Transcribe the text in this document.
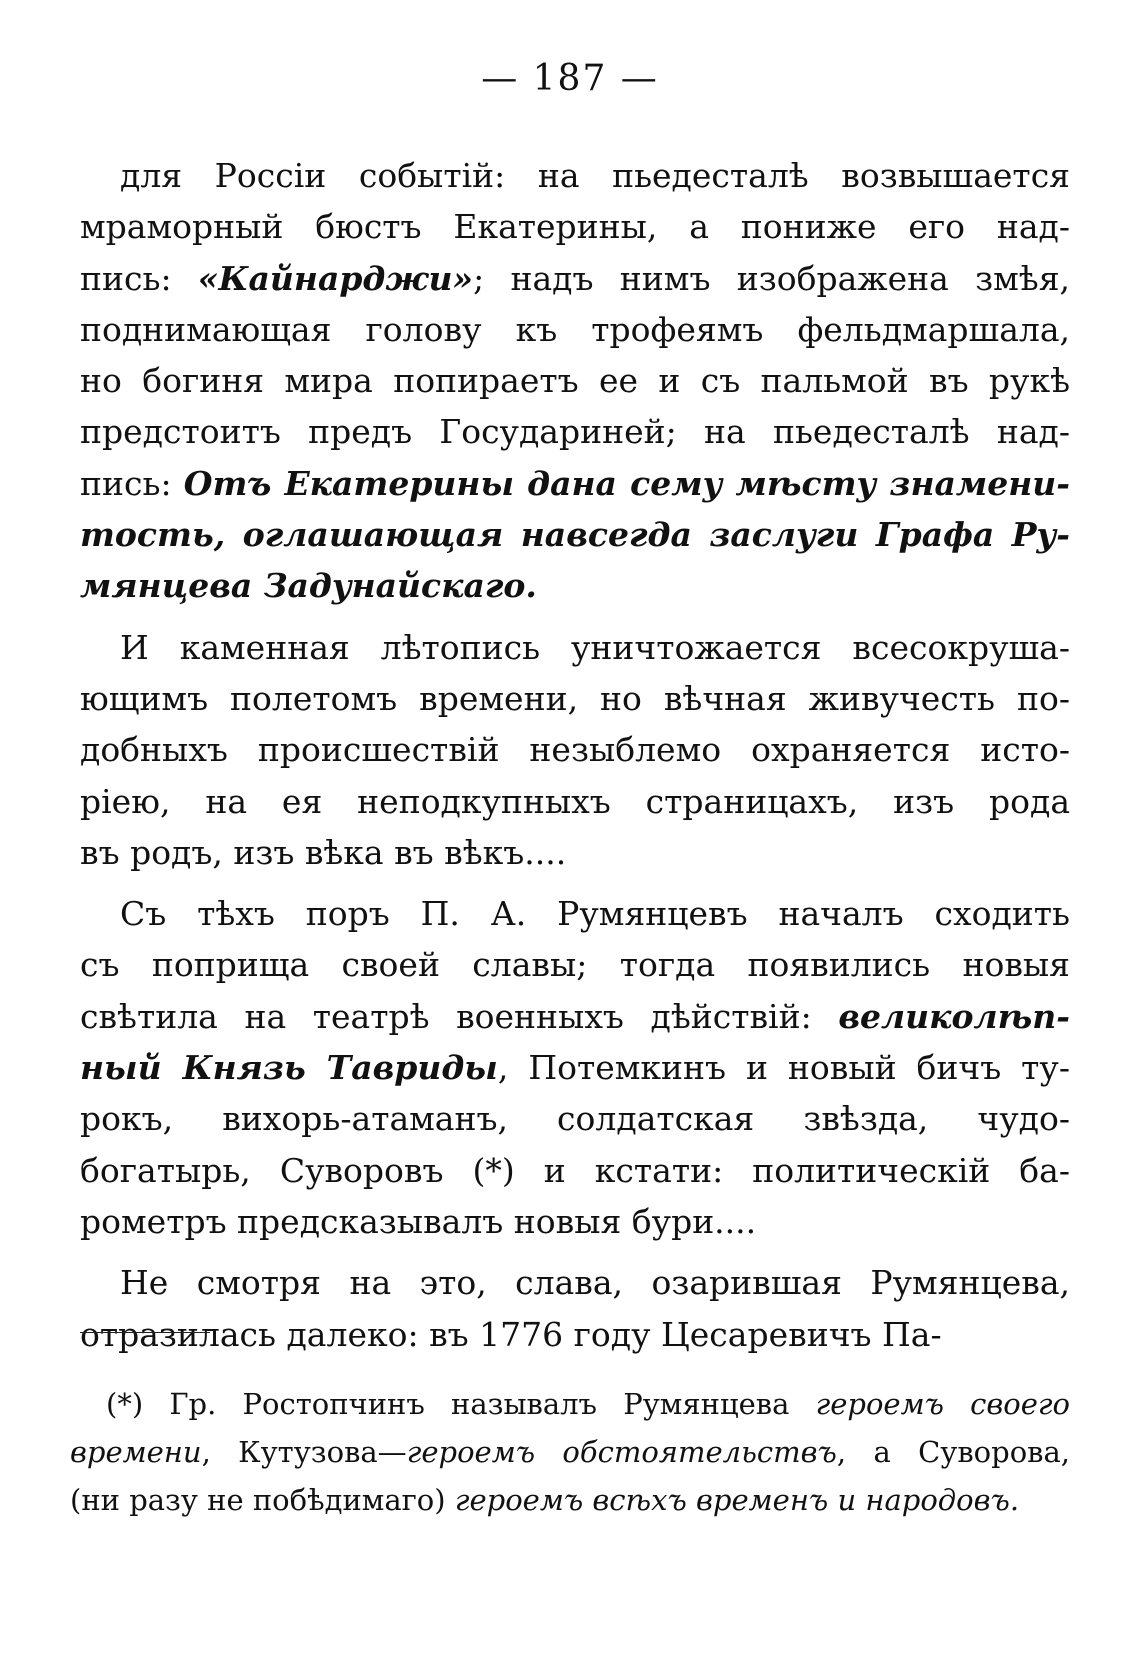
— 187 —
для Россіи событій: на пьедесталѣ возвышается
мраморный бюстъ Екатерины, а пониже его над-
пись: «Кайнарджи»; надъ нимъ изображена змѣя,
поднимающая голову къ трофеямъ фельдмаршала,
но богиня мира попираетъ ее и съ пальмой въ рукѣ
предстоитъ предъ Государиней; на пьедесталѣ над-
пись: Отъ Екатерины дана сему мѣсту знамени-
тость, оглашающая навсегда заслуги Графа Ру-
мянцева Задунайскаго.
И каменная лѣтопись уничтожается всесокруша-
ющимъ полетомъ времени, но вѣчная живучесть по-
добныхъ происшествій незыблемо охраняется исто-
ріею, на ея неподкупныхъ страницахъ, изъ рода
въ родъ, изъ вѣка въ вѣкъ....
Съ тѣхъ поръ П. А. Румянцевъ началъ сходить
съ поприща своей славы; тогда появились новыя
свѣтила на театрѣ военныхъ дѣйствій: великолѣп-
ный Князь Тавриды, Потемкинъ и новый бичъ ту-
рокъ, вихорь-атаманъ, солдатская звѣзда, чудо-
богатырь, Суворовъ (*) и кстати: политическій ба-
рометръ предсказывалъ новыя бури....
Не смотря на это, слава, озарившая Румянцева,
отразилась далеко: въ 1776 году Цесаревичъ Па-
(*) Гр. Ростопчинъ называлъ Румянцева героемъ своего
времени, Кутузова—героемъ обстоятельствъ, а Суворова,
(ни разу не побѣдимаго) героемъ всѣхъ временъ и народовъ.
